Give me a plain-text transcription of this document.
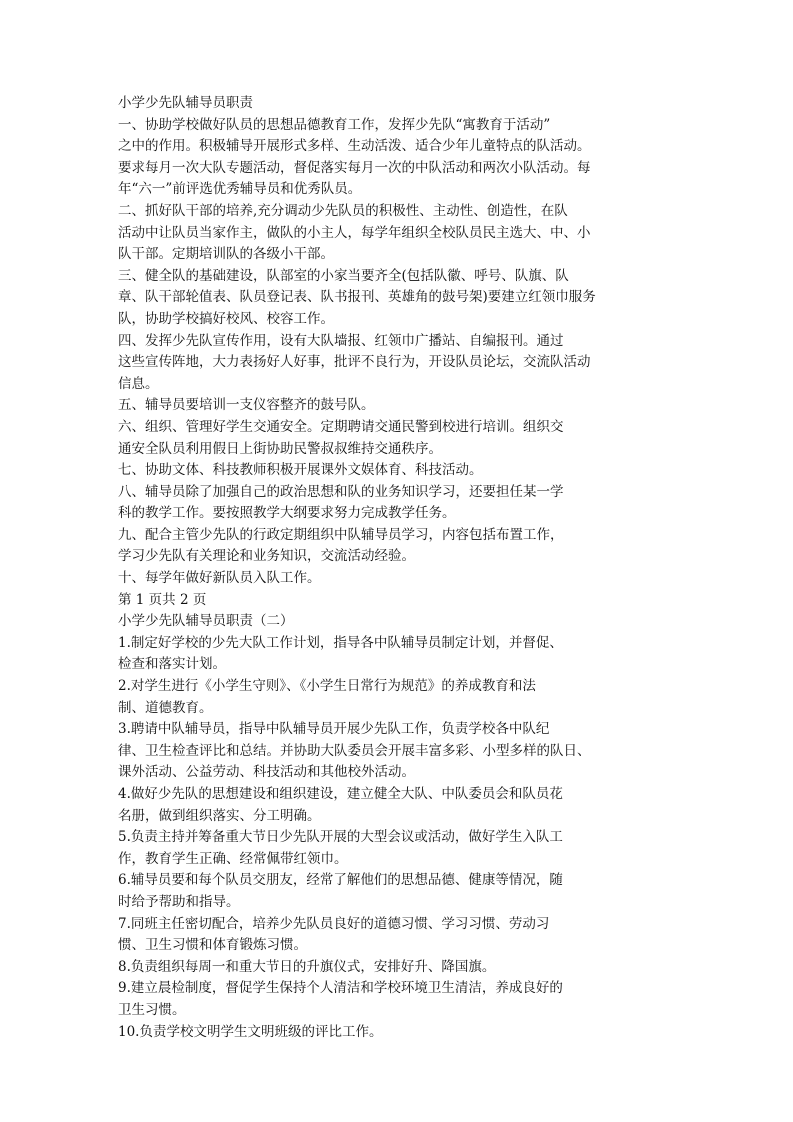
小学少先队辅导员职责
一、协助学校做好队员的思想品德教育工作，发挥少先队“寓教育于活动”
之中的作用。积极辅导开展形式多样、生动活泼、适合少年儿童特点的队活动。
要求每月一次大队专题活动，督促落实每月一次的中队活动和两次小队活动。每
年“六一”前评选优秀辅导员和优秀队员。
二、抓好队干部的培养,充分调动少先队员的积极性、主动性、创造性，在队
活动中让队员当家作主，做队的小主人，每学年组织全校队员民主选大、中、小
队干部。定期培训队的各级小干部。
三、健全队的基础建设，队部室的小家当要齐全(包括队徽、呼号、队旗、队
章、队干部轮值表、队员登记表、队书报刊、英雄角的鼓号架)要建立红领巾服务
队，协助学校搞好校风、校容工作。
四、发挥少先队宣传作用，设有大队墙报、红领巾广播站、自编报刊。通过
这些宣传阵地，大力表扬好人好事，批评不良行为，开设队员论坛，交流队活动
信息。
五、辅导员要培训一支仪容整齐的鼓号队。
六、组织、管理好学生交通安全。定期聘请交通民警到校进行培训。组织交
通安全队员利用假日上街协助民警叔叔维持交通秩序。
七、协助文体、科技教师积极开展课外文娱体育、科技活动。
八、辅导员除了加强自己的政治思想和队的业务知识学习，还要担任某一学
科的教学工作。要按照教学大纲要求努力完成教学任务。
九、配合主管少先队的行政定期组织中队辅导员学习，内容包括布置工作，
学习少先队有关理论和业务知识，交流活动经验。
十、每学年做好新队员入队工作。
第 1 页共 2 页
小学少先队辅导员职责（二）
1.制定好学校的少先大队工作计划，指导各中队辅导员制定计划，并督促、
检查和落实计划。
2.对学生进行《小学生守则》、《小学生日常行为规范》的养成教育和法
制、道德教育。
3.聘请中队辅导员，指导中队辅导员开展少先队工作，负责学校各中队纪
律、卫生检查评比和总结。并协助大队委员会开展丰富多彩、小型多样的队日、
课外活动、公益劳动、科技活动和其他校外活动。
4.做好少先队的思想建设和组织建设，建立健全大队、中队委员会和队员花
名册，做到组织落实、分工明确。
5.负责主持并筹备重大节日少先队开展的大型会议或活动，做好学生入队工
作，教育学生正确、经常佩带红领巾。
6.辅导员要和每个队员交朋友，经常了解他们的思想品德、健康等情况，随
时给予帮助和指导。
7.同班主任密切配合，培养少先队员良好的道德习惯、学习习惯、劳动习
惯、卫生习惯和体育锻炼习惯。
8.负责组织每周一和重大节日的升旗仪式，安排好升、降国旗。
9.建立晨检制度，督促学生保持个人清洁和学校环境卫生清洁，养成良好的
卫生习惯。
10.负责学校文明学生文明班级的评比工作。
